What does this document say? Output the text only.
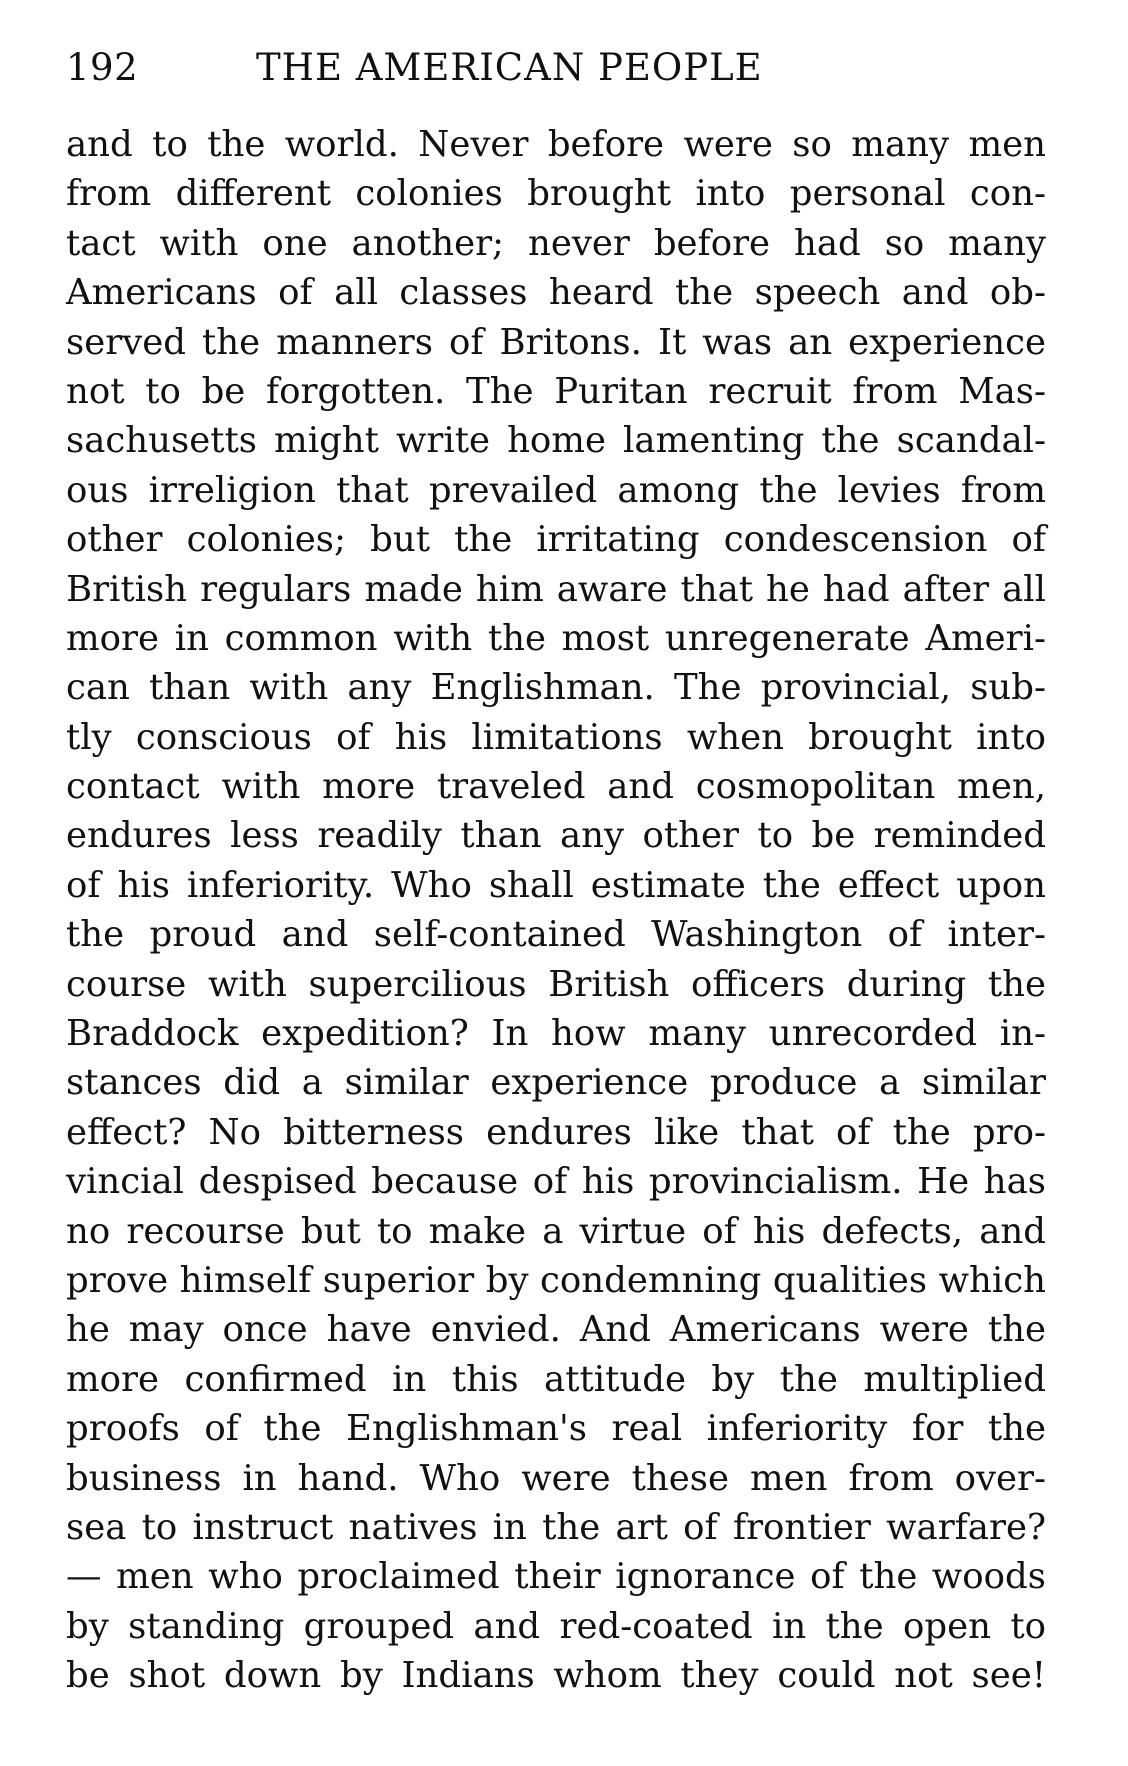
192	THE AMERICAN PEOPLE
and to the world. Never before were so many men
from different colonies brought into personal con-
tact with one another; never before had so many
Americans of all classes heard the speech and ob-
served the manners of Britons. It was an experience
not to be forgotten. The Puritan recruit from Mas-
sachusetts might write home lamenting the scandal-
ous irreligion that prevailed among the levies from
other colonies; but the irritating condescension of
British regulars made him aware that he had after all
more in common with the most unregenerate Ameri-
can than with any Englishman. The provincial, sub-
tly conscious of his limitations when brought into
contact with more traveled and cosmopolitan men,
endures less readily than any other to be reminded
of his inferiority. Who shall estimate the effect upon
the proud and self-contained Washington of inter-
course with supercilious British officers during the
Braddock expedition? In how many unrecorded in-
stances did a similar experience produce a similar
effect? No bitterness endures like that of the pro-
vincial despised because of his provincialism. He has
no recourse but to make a virtue of his defects, and
prove himself superior by condemning qualities which
he may once have envied. And Americans were the
more confirmed in this attitude by the multiplied
proofs of the Englishman's real inferiority for the
business in hand. Who were these men from over-
sea to instruct natives in the art of frontier warfare?
— men who proclaimed their ignorance of the woods
by standing grouped and red-coated in the open to
be shot down by Indians whom they could not see!
